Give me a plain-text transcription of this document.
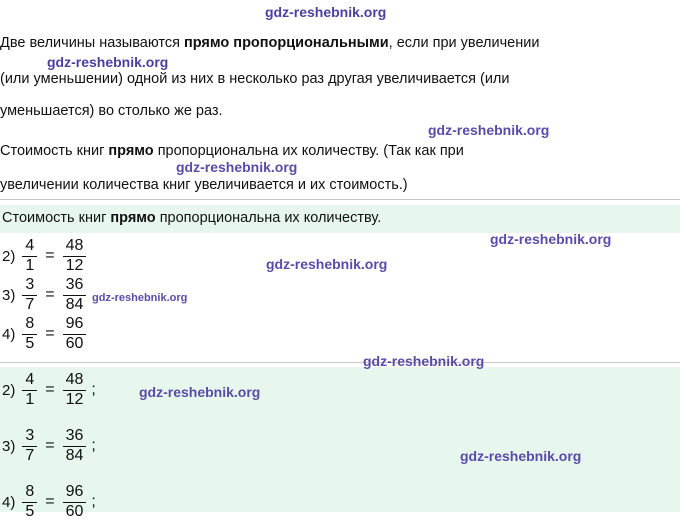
Две величины называются прямо пропорциональными, если при увеличении
(или уменьшении) одной из них в несколько раз другая увеличивается (или
уменьшается) во столько же раз.
Стоимость книг прямо пропорциональна их количеству. (Так как при
увеличении количества книг увеличивается и их стоимость.)
Стоимость книг прямо пропорциональна их количеству.
$2) \frac{4}{1} = \frac{48}{12}$
$3) \frac{3}{7} = \frac{36}{84}$
$4) \frac{8}{5} = \frac{96}{60}$
$2) \frac{4}{1} = \frac{48}{12}$ ;
$3) \frac{3}{7} = \frac{36}{84}$ ;
$4) \frac{8}{5} = \frac{96}{60}$ ;
gdz-reshebnik.org
gdz-reshebnik.org
gdz-reshebnik.org
gdz-reshebnik.org
gdz-reshebnik.org
gdz-reshebnik.org
gdz-reshebnik.org
gdz-reshebnik.org
gdz-reshebnik.org
gdz-reshebnik.org
